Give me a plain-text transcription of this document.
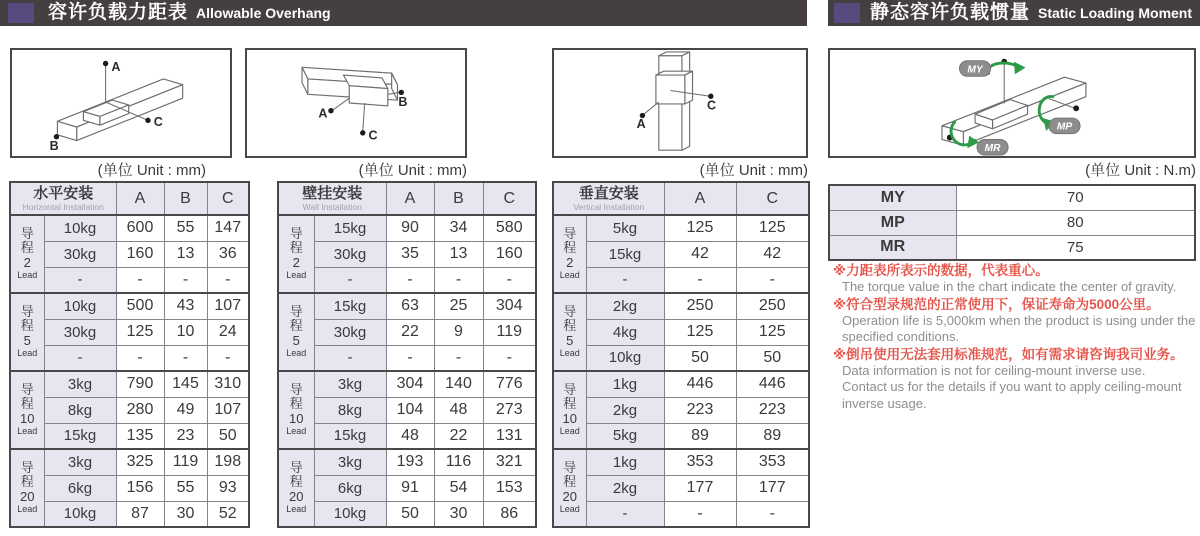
容许负载力距表 Allowable Overhang	静态容许负载惯量 Static Loading Moment
A
C
B
B
A
C
A
C
MY
MP
MR
(单位 Unit : mm)	(单位 Unit : mm)	(单位 Unit : mm)	(单位 Unit : N.m)
水平安装
Horizontal Installation		A	B	C

导
程
2
Lead	10kg	600	55	147
	30kg	160	13	36
	-	-	-	-

导
程
5
Lead	10kg	500	43	107
	30kg	125	10	24
	-	-	-	-

导
程
10
Lead	3kg	790	145	310
	8kg	280	49	107
	15kg	135	23	50

导
程
20
Lead	3kg	325	119	198
	6kg	156	55	93
	10kg	87	30	52
壁挂安装
Wall Installation		A	B	C

导
程
2
Lead	15kg	90	34	580
	30kg	35	13	160
	-	-	-	-

导
程
5
Lead	15kg	63	25	304
	30kg	22	9	119
	-	-	-	-

导
程
10
Lead	3kg	304	140	776
	8kg	104	48	273
	15kg	48	22	131

导
程
20
Lead	3kg	193	116	321
	6kg	91	54	153
	10kg	50	30	86
垂直安装
Vertical Installation		A	C

导
程
2
Lead	5kg	125	125
	15kg	42	42
	-	-	-

导
程
5
Lead	2kg	250	250
	4kg	125	125
	10kg	50	50

导
程
10
Lead	1kg	446	446
	2kg	223	223
	5kg	89	89

导
程
20
Lead	1kg	353	353
	2kg	177	177
	-	-	-
MY	70
MP	80
MR	75
※力距表所表示的数据，代表重心。
The torque value in the chart indicate the center of gravity.
※符合型录规范的正常使用下，保证寿命为5000公里。
Operation life is 5,000km when the product is using under the
specified conditions.
※倒吊使用无法套用标准规范，如有需求请咨询我司业务。
Data information is not for ceiling-mount inverse use.
Contact us for the details if you want to apply ceiling-mount
inverse usage.
